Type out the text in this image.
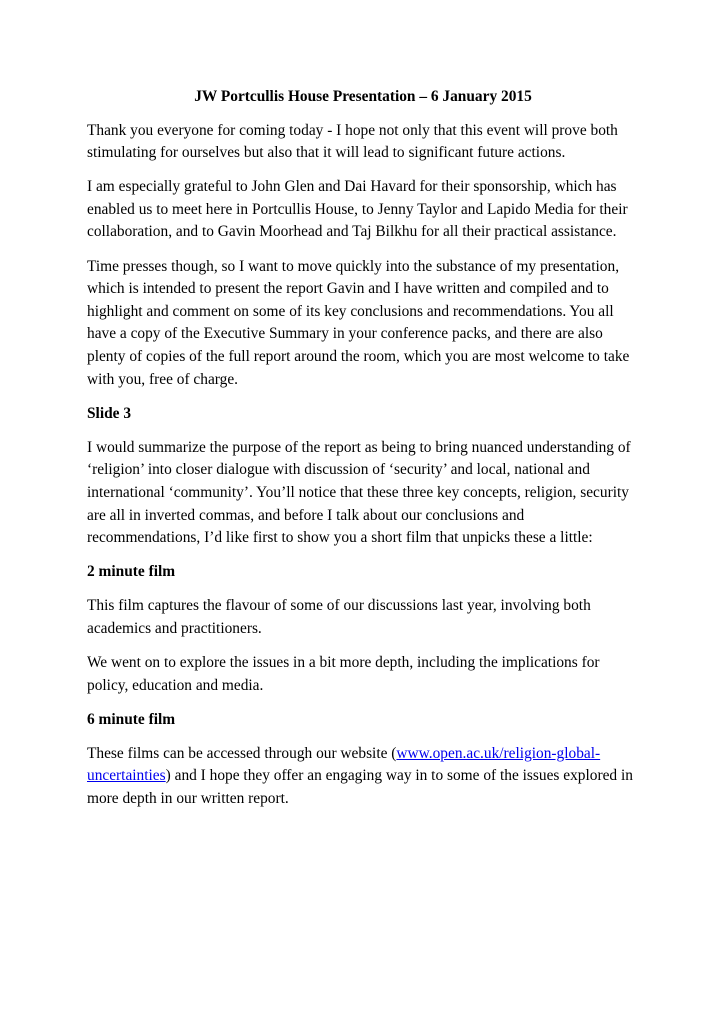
JW Portcullis House Presentation – 6 January 2015

Thank you everyone for coming today - I hope not only that this event will prove both stimulating for ourselves but also that it will lead to significant future actions.

I am especially grateful to John Glen and Dai Havard for their sponsorship, which has enabled us to meet here in Portcullis House, to Jenny Taylor and Lapido Media for their collaboration, and to Gavin Moorhead and Taj Bilkhu for all their practical assistance.

Time presses though, so I want to move quickly into the substance of my presentation, which is intended to present the report Gavin and I have written and compiled and to highlight and comment on some of its key conclusions and recommendations. You all have a copy of the Executive Summary in your conference packs, and there are also plenty of copies of the full report around the room, which you are most welcome to take with you, free of charge.

Slide 3

I would summarize the purpose of the report as being to bring nuanced understanding of ‘religion’ into closer dialogue with discussion of ‘security’ and local, national and international ‘community’. You’ll notice that these three key concepts, religion, security are all in inverted commas, and before I talk about our conclusions and recommendations, I’d like first to show you a short film that unpicks these a little:

2 minute film

This film captures the flavour of some of our discussions last year, involving both academics and practitioners.

We went on to explore the issues in a bit more depth, including the implications for policy, education and media.

6 minute film

These films can be accessed through our website (www.open.ac.uk/religion-global-uncertainties) and I hope they offer an engaging way in to some of the issues explored in more depth in our written report.
